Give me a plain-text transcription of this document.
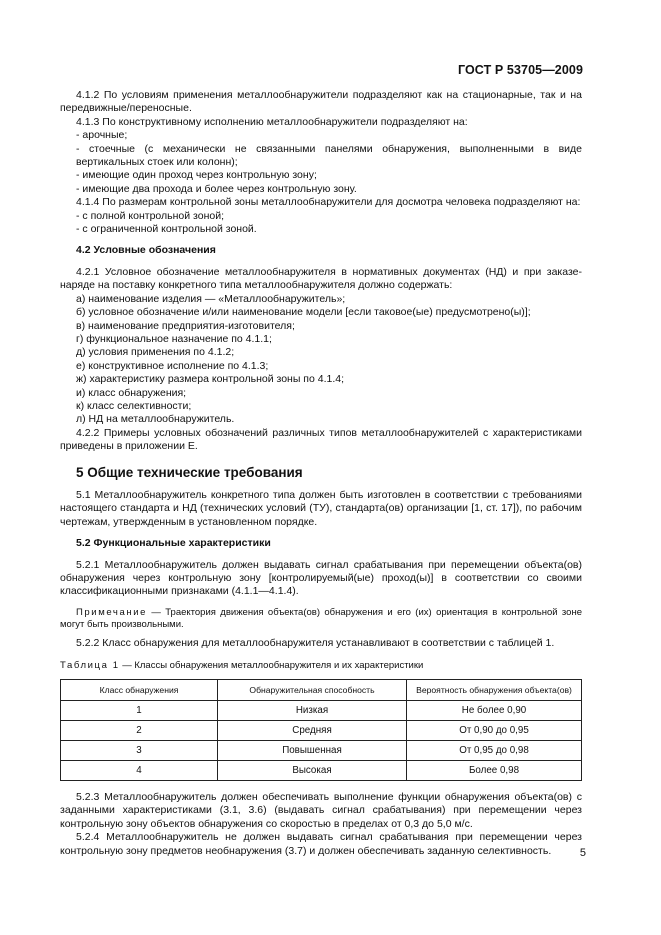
ГОСТ Р 53705—2009

4.1.2 По условиям применения металлообнаружители подразделяют как на стационарные, так и на передвижные/переносные.

4.1.3 По конструктивному исполнению металлообнаружители подразделяют на:

- арочные;

- стоечные (с механически не связанными панелями обнаружения, выполненными в виде вертикальных стоек или колонн);

- имеющие один проход через контрольную зону;

- имеющие два прохода и более через контрольную зону.

4.1.4 По размерам контрольной зоны металлообнаружители для досмотра человека подразделяют на:

- с полной контрольной зоной;

- с ограниченной контрольной зоной.

4.2 Условные обозначения

4.2.1 Условное обозначение металлообнаружителя в нормативных документах (НД) и при заказе-наряде на поставку конкретного типа металлообнаружителя должно содержать:

а) наименование изделия — «Металлообнаружитель»;

б) условное обозначение и/или наименование модели [если таковое(ые) предусмотрено(ы)];

в) наименование предприятия-изготовителя;

г) функциональное назначение по 4.1.1;

д) условия применения по 4.1.2;

е) конструктивное исполнение по 4.1.3;

ж) характеристику размера контрольной зоны по 4.1.4;

и) класс обнаружения;

к) класс селективности;

л) НД на металлообнаружитель.

4.2.2 Примеры условных обозначений различных типов металлообнаружителей с характеристиками приведены в приложении Е.

5 Общие технические требования

5.1 Металлообнаружитель конкретного типа должен быть изготовлен в соответствии с требованиями настоящего стандарта и НД (технических условий (ТУ), стандарта(ов) организации [1, ст. 17]), по рабочим чертежам, утвержденным в установленном порядке.

5.2 Функциональные характеристики

5.2.1 Металлообнаружитель должен выдавать сигнал срабатывания при перемещении объекта(ов) обнаружения через контрольную зону [контролируемый(ые) проход(ы)] в соответствии со своими классификационными признаками (4.1.1—4.1.4).

Примечание — Траектория движения объекта(ов) обнаружения и его (их) ориентация в контрольной зоне могут быть произвольными.

5.2.2 Класс обнаружения для металлообнаружителя устанавливают в соответствии с таблицей 1.

Таблица 1 — Классы обнаружения металлообнаружителя и их характеристики

Класс обнаружения	Обнаружительная способность	Вероятность обнаружения объекта(ов)
1	Низкая	Не более 0,90
2	Средняя	От 0,90 до 0,95
3	Повышенная	От 0,95 до 0,98
4	Высокая	Более 0,98

5.2.3 Металлообнаружитель должен обеспечивать выполнение функции обнаружения объекта(ов) с заданными характеристиками (3.1, 3.6) (выдавать сигнал срабатывания) при перемещении через контрольную зону объектов обнаружения со скоростью в пределах от 0,3 до 5,0 м/с.

5.2.4 Металлообнаружитель не должен выдавать сигнал срабатывания при перемещении через контрольную зону предметов необнаружения (3.7) и должен обеспечивать заданную селективность.	5
